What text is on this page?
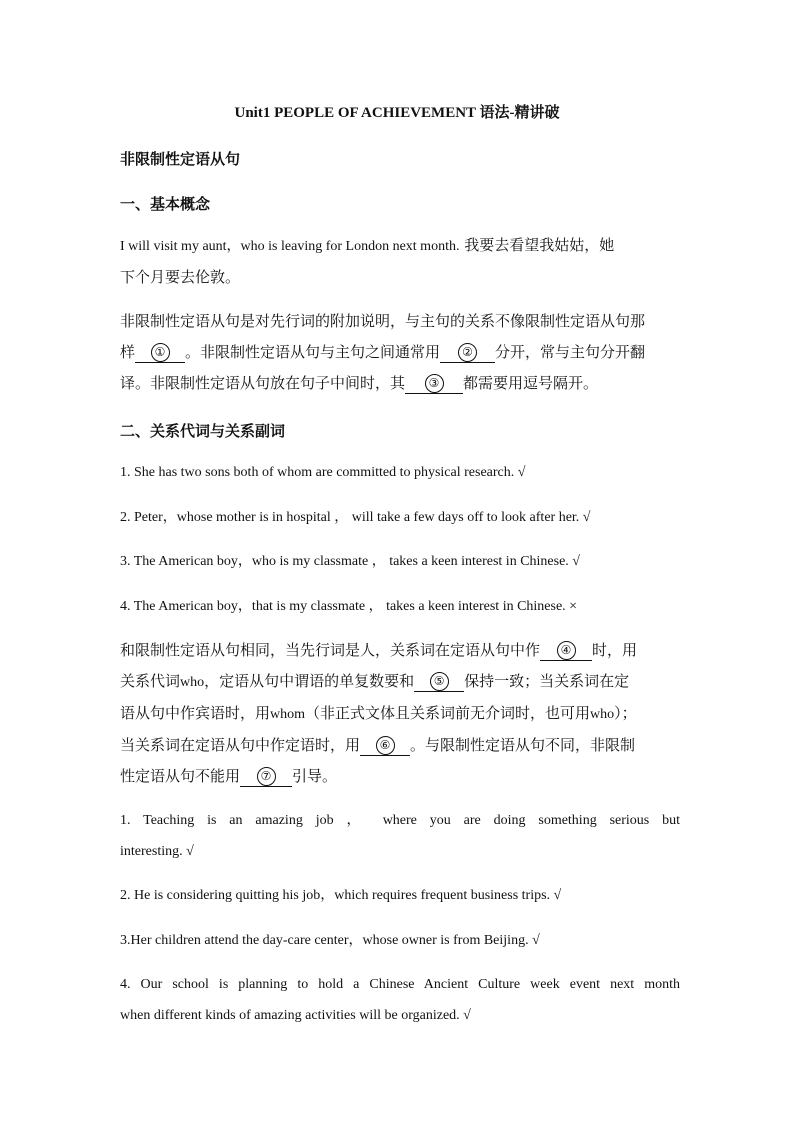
Unit1 PEOPLE OF ACHIEVEMENT 语法-精讲破
非限制性定语从句
一、基本概念
I will visit my aunt，who is leaving for London next month. 我要去看望我姑姑，她
下个月要去伦敦。
非限制性定语从句是对先行词的附加说明，与主句的关系不像限制性定语从句那
样 ① 。非限制性定语从句与主句之间通常用 ② 分开，常与主句分开翻
译。非限制性定语从句放在句子中间时，其 ③ 都需要用逗号隔开。
二、关系代词与关系副词
1. She has two sons both of whom are committed to physical research. √
2. Peter，whose mother is in hospital ， will take a few days off to look after her. √
3. The American boy，who is my classmate ， takes a keen interest in Chinese. √
4. The American boy，that is my classmate ， takes a keen interest in Chinese. ×
和限制性定语从句相同，当先行词是人，关系词在定语从句中作 ④ 时，用
关系代词who，定语从句中谓语的单复数要和 ⑤ 保持一致；当关系词在定
语从句中作宾语时，用whom（非正式文体且关系词前无介词时，也可用who）；
当关系词在定语从句中作定语时，用 ⑥ 。与限制性定语从句不同，非限制
性定语从句不能用 ⑦ 引导。
1. Teaching is an amazing job ， where you are doing something serious but
interesting. √
2. He is considering quitting his job，which requires frequent business trips. √
3.Her children attend the day-care center，whose owner is from Beijing. √
4. Our school is planning to hold a Chinese Ancient Culture week event next month
when different kinds of amazing activities will be organized. √
